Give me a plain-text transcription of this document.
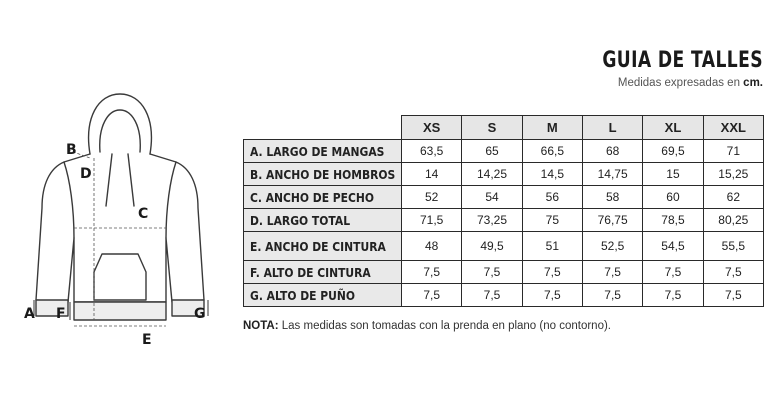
GUIA DE TALLES
Medidas expresadas en cm.
B
D
C
A F	G
E
	XS	S	M	L	XL	XXL
A. LARGO DE MANGAS	63,5	65	66,5	68	69,5	71
B. ANCHO DE HOMBROS	14	14,25	14,5	14,75	15	15,25
C. ANCHO DE PECHO	52	54	56	58	60	62
D. LARGO TOTAL	71,5	73,25	75	76,75	78,5	80,25
E. ANCHO DE CINTURA	48	49,5	51	52,5	54,5	55,5
F. ALTO DE CINTURA	7,5	7,5	7,5	7,5	7,5	7,5
G. ALTO DE PUÑO	7,5	7,5	7,5	7,5	7,5	7,5
NOTA: Las medidas son tomadas con la prenda en plano (no contorno).
